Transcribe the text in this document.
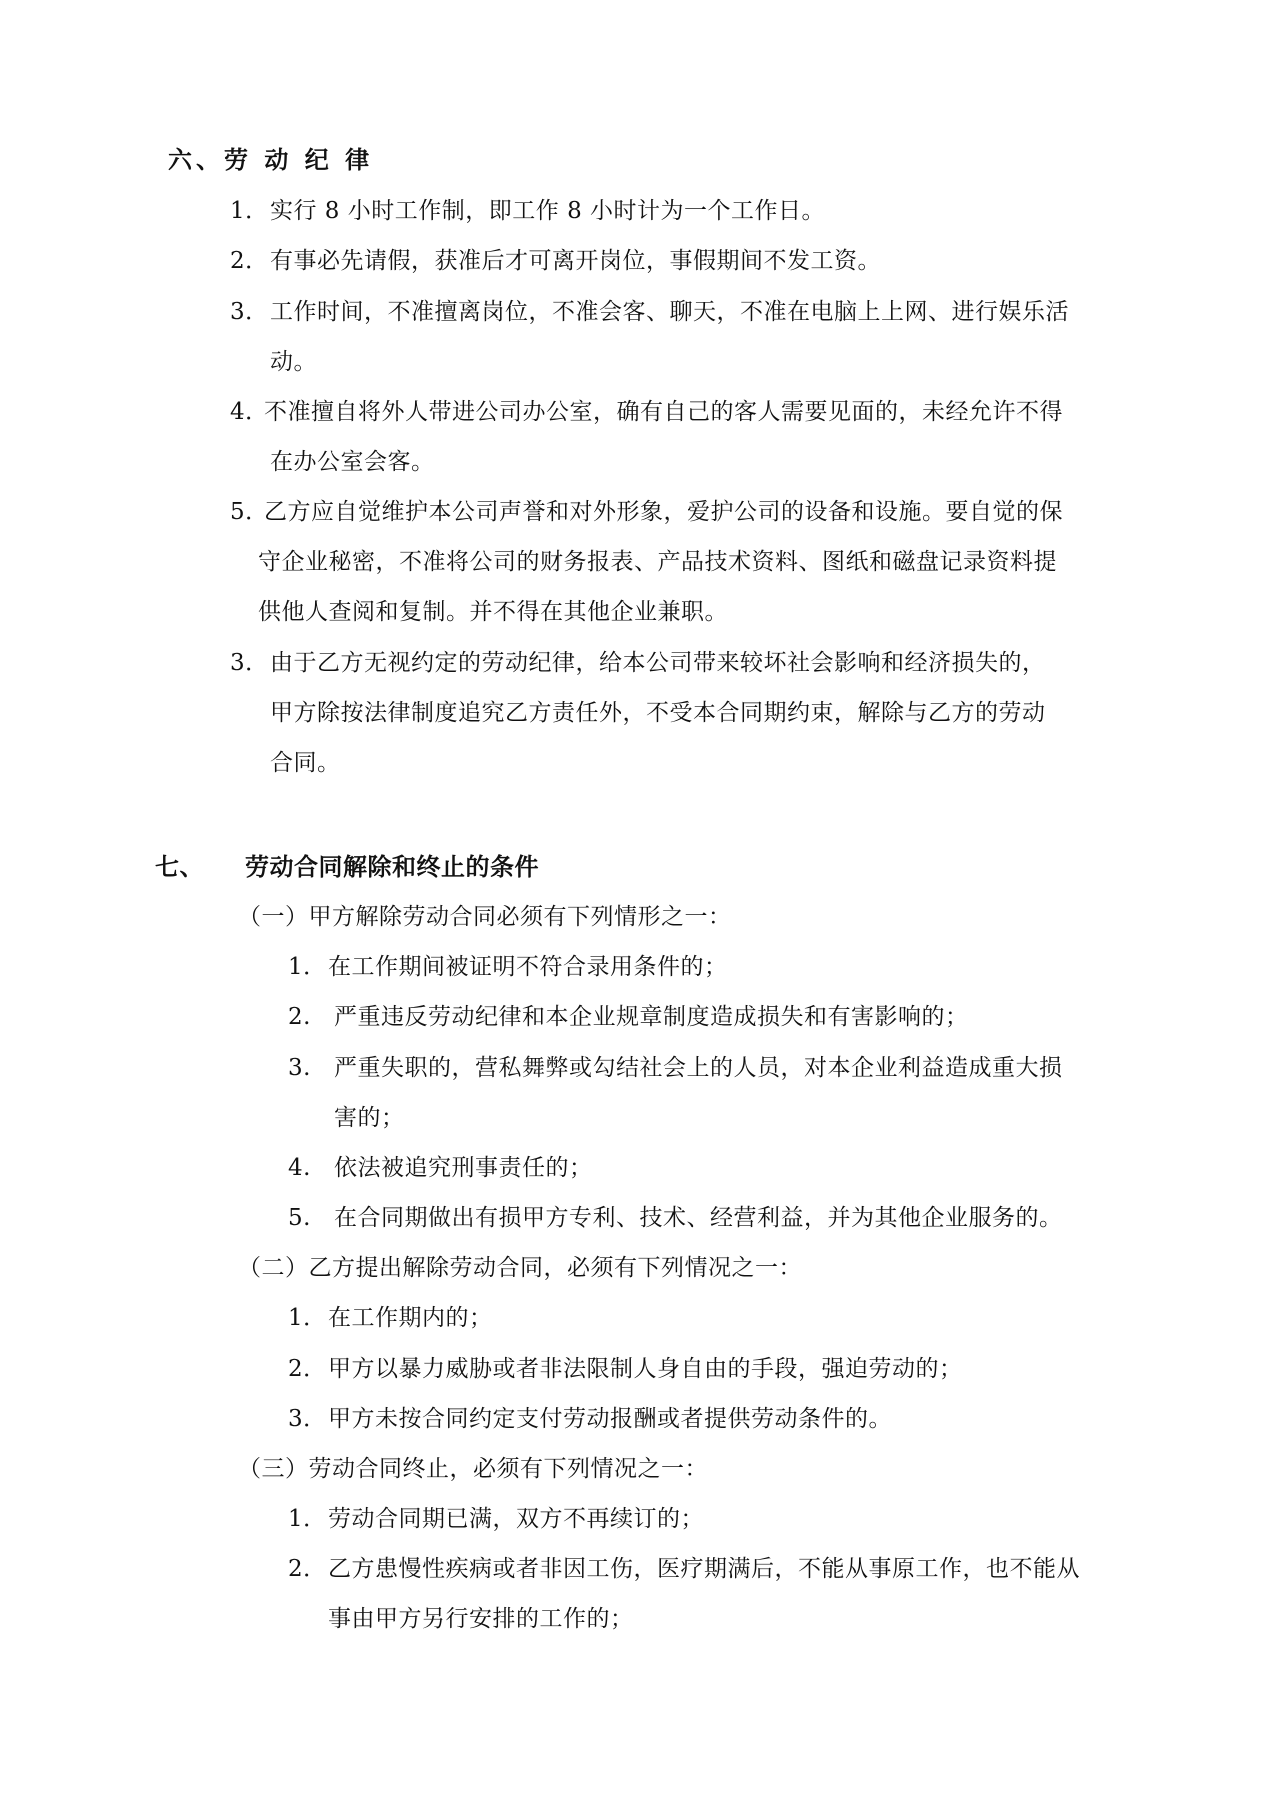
六、劳 动 纪 律
1． 实行 8 小时工作制，即工作 8 小时计为一个工作日。
2． 有事必先请假，获准后才可离开岗位，事假期间不发工资。
3． 工作时间，不准擅离岗位，不准会客、聊天，不准在电脑上上网、进行娱乐活
动。
4．
不准擅自将外人带进公司办公室，确有自己的客人需要见面的，未经允许不得
在办公室会客。
5．
乙方应自觉维护本公司声誉和对外形象，爱护公司的设备和设施。要自觉的保
守企业秘密，不准将公司的财务报表、产品技术资料、图纸和磁盘记录资料提
供他人查阅和复制。并不得在其他企业兼职。
3． 由于乙方无视约定的劳动纪律，给本公司带来较坏社会影响和经济损失的，
甲方除按法律制度追究乙方责任外，不受本合同期约束，解除与乙方的劳动
合同。
七、 劳动合同解除和终止的条件
（一）甲方解除劳动合同必须有下列情形之一：
1． 在工作期间被证明不符合录用条件的；
2. 严重违反劳动纪律和本企业规章制度造成损失和有害影响的；
3. 严重失职的，营私舞弊或勾结社会上的人员，对本企业利益造成重大损
害的；
4. 依法被追究刑事责任的；
5. 在合同期做出有损甲方专利、技术、经营利益，并为其他企业服务的。
（二）乙方提出解除劳动合同，必须有下列情况之一：
1． 在工作期内的；
2． 甲方以暴力威胁或者非法限制人身自由的手段，强迫劳动的；
3． 甲方未按合同约定支付劳动报酬或者提供劳动条件的。
（三）劳动合同终止，必须有下列情况之一：
1． 劳动合同期已满，双方不再续订的；
2． 乙方患慢性疾病或者非因工伤，医疗期满后，不能从事原工作，也不能从
事由甲方另行安排的工作的；
